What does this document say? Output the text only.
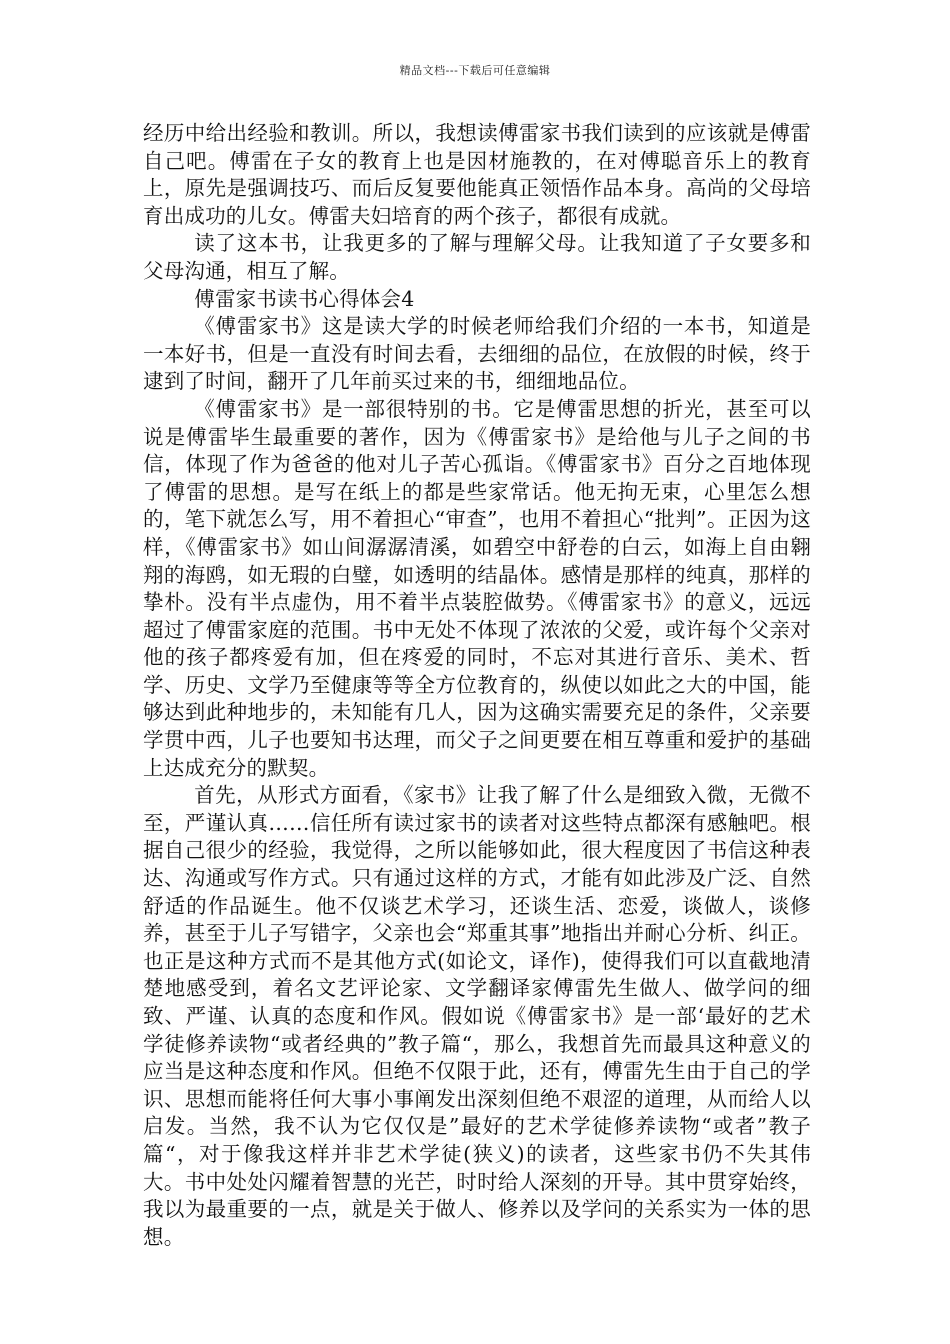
精品文档---下载后可任意编辑

经历中给出经验和教训。所以，我想读傅雷家书我们读到的应该就是傅雷自己吧。傅雷在子女的教育上也是因材施教的，在对傅聪音乐上的教育上，原先是强调技巧、而后反复要他能真正领悟作品本身。高尚的父母培育出成功的儿女。傅雷夫妇培育的两个孩子，都很有成就。

读了这本书，让我更多的了解与理解父母。让我知道了子女要多和父母沟通，相互了解。

傅雷家书读书心得体会4

《傅雷家书》这是读大学的时候老师给我们介绍的一本书，知道是一本好书，但是一直没有时间去看，去细细的品位，在放假的时候，终于逮到了时间，翻开了几年前买过来的书，细细地品位。

《傅雷家书》是一部很特别的书。它是傅雷思想的折光，甚至可以说是傅雷毕生最重要的著作，因为《傅雷家书》是给他与儿子之间的书信，体现了作为爸爸的他对儿子苦心孤诣。《傅雷家书》百分之百地体现了傅雷的思想。是写在纸上的都是些家常话。他无拘无束，心里怎么想的，笔下就怎么写，用不着担心“审查”，也用不着担心“批判”。正因为这样，《傅雷家书》如山间潺潺清溪，如碧空中舒卷的白云，如海上自由翱翔的海鸥，如无瑕的白璧，如透明的结晶体。感情是那样的纯真，那样的挚朴。没有半点虚伪，用不着半点装腔做势。《傅雷家书》的意义，远远超过了傅雷家庭的范围。书中无处不体现了浓浓的父爱，或许每个父亲对他的孩子都疼爱有加，但在疼爱的同时，不忘对其进行音乐、美术、哲学、历史、文学乃至健康等等全方位教育的，纵使以如此之大的中国，能够达到此种地步的，未知能有几人，因为这确实需要充足的条件，父亲要学贯中西，儿子也要知书达理，而父子之间更要在相互尊重和爱护的基础上达成充分的默契。

首先，从形式方面看，《家书》让我了解了什么是细致入微，无微不至，严谨认真……信任所有读过家书的读者对这些特点都深有感触吧。根据自己很少的经验，我觉得，之所以能够如此，很大程度因了书信这种表达、沟通或写作方式。只有通过这样的方式，才能有如此涉及广泛、自然舒适的作品诞生。他不仅谈艺术学习，还谈生活、恋爱，谈做人，谈修养，甚至于儿子写错字，父亲也会“郑重其事”地指出并耐心分析、纠正。也正是这种方式而不是其他方式(如论文，译作)，使得我们可以直截地清楚地感受到，着名文艺评论家、文学翻译家傅雷先生做人、做学问的细致、严谨、认真的态度和作风。假如说《傅雷家书》是一部‘最好的艺术学徒修养读物“或者经典的”教子篇“，那么，我想首先而最具这种意义的应当是这种态度和作风。但绝不仅限于此，还有，傅雷先生由于自己的学识、思想而能将任何大事小事阐发出深刻但绝不艰涩的道理，从而给人以启发。当然，我不认为它仅仅是”最好的艺术学徒修养读物“或者”教子篇“，对于像我这样并非艺术学徒(狭义)的读者，这些家书仍不失其伟大。书中处处闪耀着智慧的光芒，时时给人深刻的开导。其中贯穿始终，我以为最重要的一点，就是关于做人、修养以及学问的关系实为一体的思想。
